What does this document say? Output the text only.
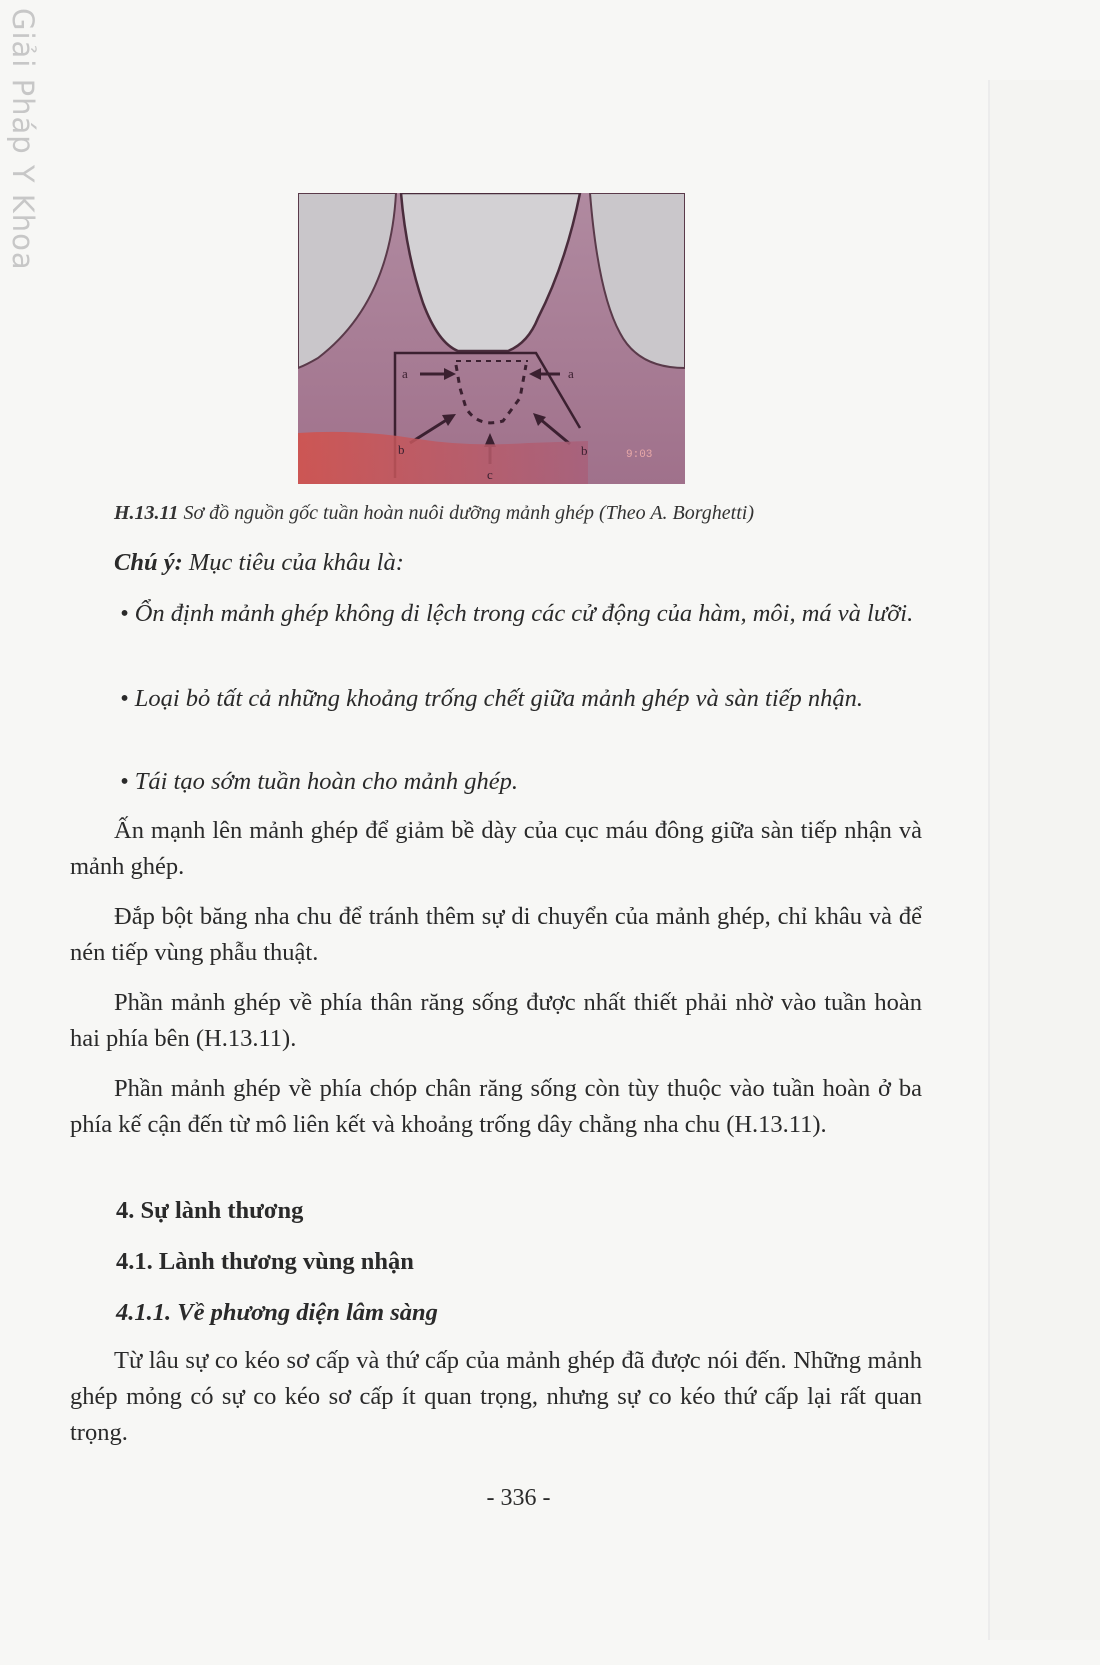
Giải Pháp Y Khoa
a	a
b	b
c
9:03
H.13.11 Sơ đồ nguồn gốc tuần hoàn nuôi dưỡng mảnh ghép (Theo A. Borghetti)
Chú ý: Mục tiêu của khâu là:
• Ổn định mảnh ghép không di lệch trong các cử động của hàm, môi, má và lưỡi.
• Loại bỏ tất cả những khoảng trống chết giữa mảnh ghép và sàn tiếp nhận.
• Tái tạo sớm tuần hoàn cho mảnh ghép.
Ấn mạnh lên mảnh ghép để giảm bề dày của cục máu đông giữa sàn tiếp nhận và mảnh ghép.
Đắp bột băng nha chu để tránh thêm sự di chuyển của mảnh ghép, chỉ khâu và để nén tiếp vùng phẫu thuật.
Phần mảnh ghép về phía thân răng sống được nhất thiết phải nhờ vào tuần hoàn hai phía bên (H.13.11).
Phần mảnh ghép về phía chóp chân răng sống còn tùy thuộc vào tuần hoàn ở ba phía kế cận đến từ mô liên kết và khoảng trống dây chằng nha chu (H.13.11).
4. Sự lành thương
4.1. Lành thương vùng nhận
4.1.1. Về phương diện lâm sàng
Từ lâu sự co kéo sơ cấp và thứ cấp của mảnh ghép đã được nói đến. Những mảnh ghép mỏng có sự co kéo sơ cấp ít quan trọng, nhưng sự co kéo thứ cấp lại rất quan trọng.
- 336 -
